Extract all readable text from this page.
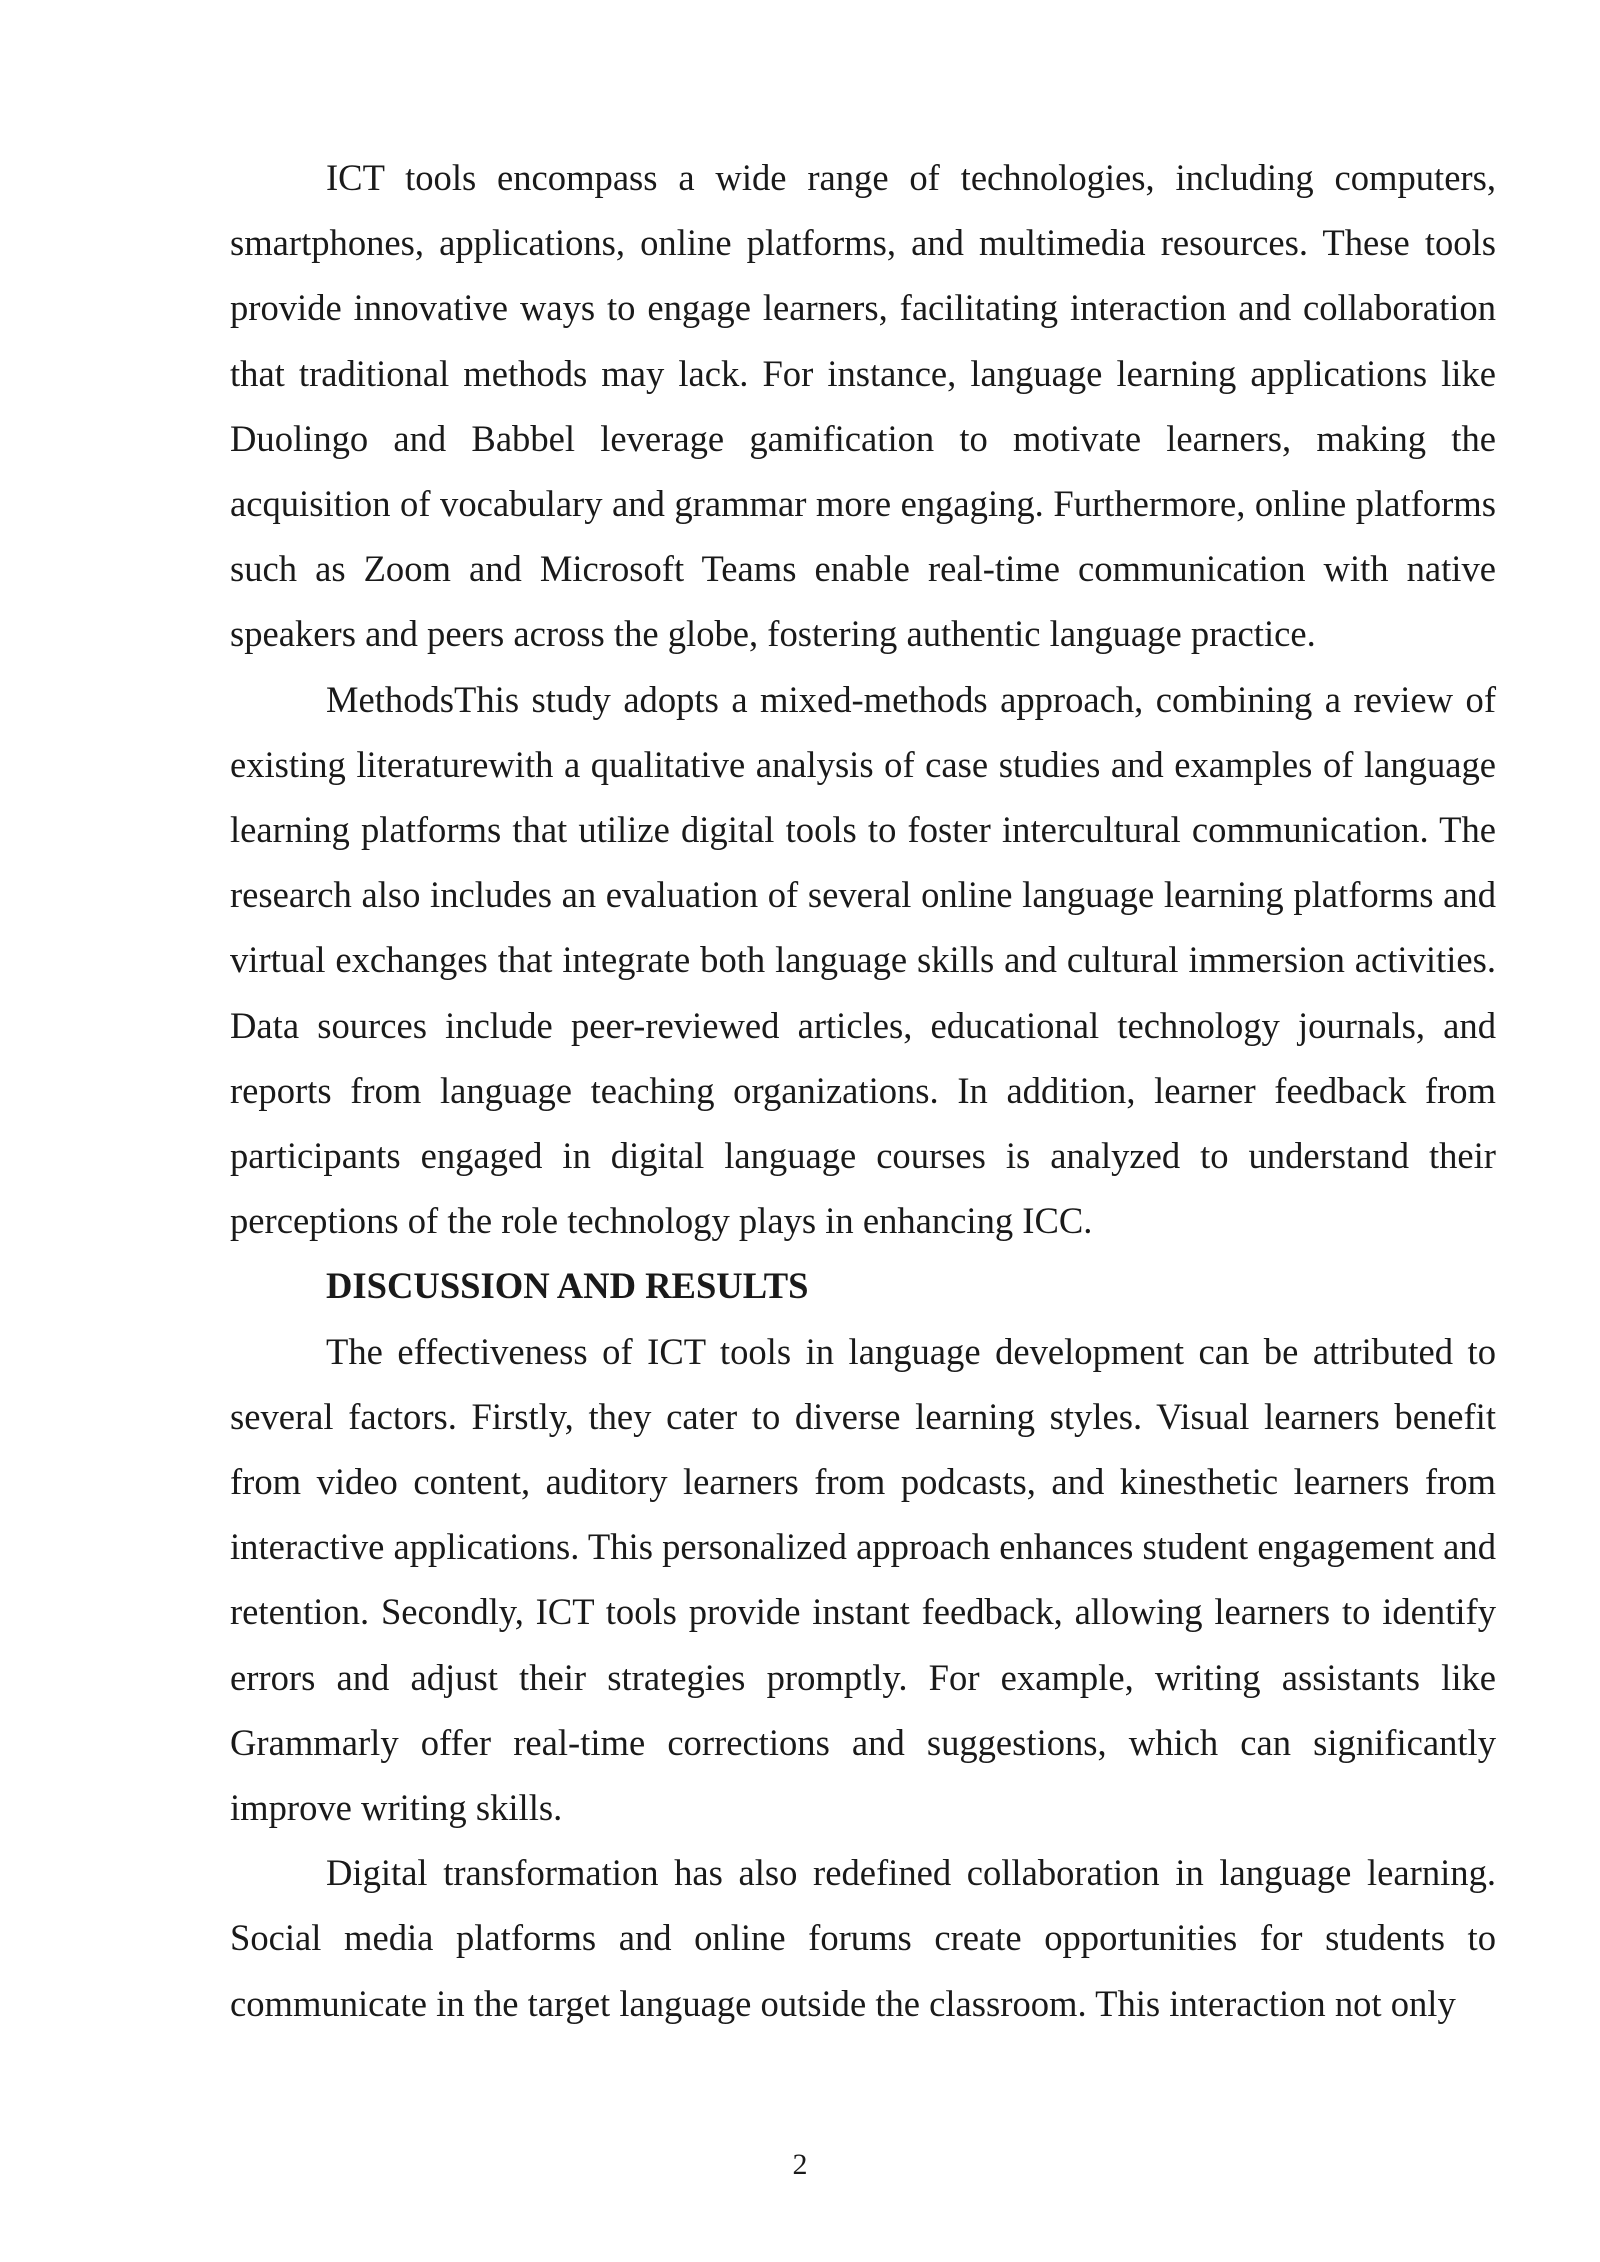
ICT tools encompass a wide range of technologies, including computers, smartphones, applications, online platforms, and multimedia resources. These tools provide innovative ways to engage learners, facilitating interaction and collaboration that traditional methods may lack. For instance, language learning applications like Duolingo and Babbel leverage gamification to motivate learners, making the acquisition of vocabulary and grammar more engaging. Furthermore, online platforms such as Zoom and Microsoft Teams enable real-time communication with native speakers and peers across the globe, fostering authentic language practice.

MethodsThis study adopts a mixed-methods approach, combining a review of existing literaturewith a qualitative analysis of case studies and examples of language learning platforms that utilize digital tools to foster intercultural communication. The research also includes an evaluation of several online language learning platforms and virtual exchanges that integrate both language skills and cultural immersion activities. Data sources include peer-reviewed articles, educational technology journals, and reports from language teaching organizations. In addition, learner feedback from participants engaged in digital language courses is analyzed to understand their perceptions of the role technology plays in enhancing ICC.

DISCUSSION AND RESULTS

The effectiveness of ICT tools in language development can be attributed to several factors. Firstly, they cater to diverse learning styles. Visual learners benefit from video content, auditory learners from podcasts, and kinesthetic learners from interactive applications. This personalized approach enhances student engagement and retention. Secondly, ICT tools provide instant feedback, allowing learners to identify errors and adjust their strategies promptly. For example, writing assistants like Grammarly offer real-time corrections and suggestions, which can significantly improve writing skills.

Digital transformation has also redefined collaboration in language learning. Social media platforms and online forums create opportunities for students to communicate in the target language outside the classroom. This interaction not only

2
